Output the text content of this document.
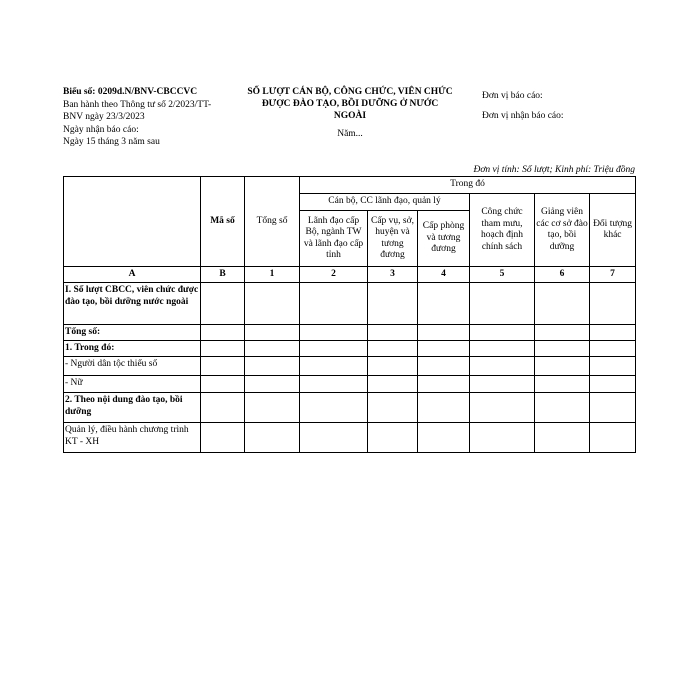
Biểu số: 0209d.N/BNV-CBCCVC
Ban hành theo Thông tư số 2/2023/TT-BNV ngày 23/3/2023
Ngày nhận báo cáo:
Ngày 15 tháng 3 năm sau
SỐ LƯỢT CÁN BỘ, CÔNG CHỨC, VIÊN CHỨC ĐƯỢC ĐÀO TẠO, BỒI DƯỠNG Ở NƯỚC NGOÀI
Năm...
Đơn vị báo cáo:
Đơn vị nhận báo cáo:
Đơn vị tính: Số lượt; Kinh phí: Triệu đồng
	Mã số	Tổng số	Trong đó					
			Cán bộ, CC lãnh đạo, quản lý			Công chức tham mưu, hoạch định chính sách	Giảng viên các cơ sở đào tạo, bồi dưỡng	Đối tượng khác
			Lãnh đạo cấp Bộ, ngành TW và lãnh đạo cấp tỉnh	Cấp vụ, sở, huyện và tương đương	Cấp phòng và tương đương			
A	B	1	2	3	4	5	6	7
I. Số lượt CBCC, viên chức được đào tạo, bồi dưỡng nước ngoài								
Tổng số:								
1. Trong đó:								
- Người dân tộc thiểu số								
- Nữ								
2. Theo nội dung đào tạo, bồi dưỡng								
Quản lý, điều hành chương trình KT - XH								
